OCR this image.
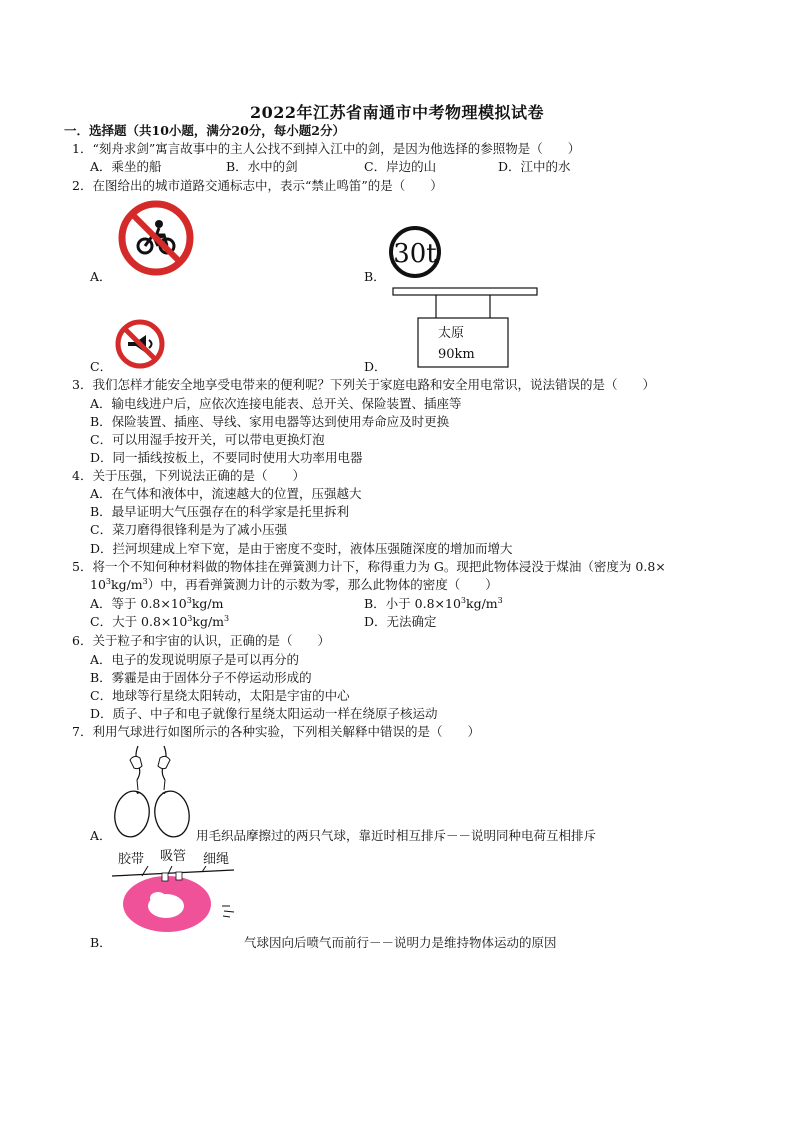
2022年江苏省南通市中考物理模拟试卷
一．选择题（共10小题，满分20分，每小题2分）
1．“刻舟求剑”寓言故事中的主人公找不到掉入江中的剑，是因为他选择的参照物是（　　）
A．乘坐的船	B．水中的剑	C．岸边的山	D．江中的水
2．在图给出的城市道路交通标志中，表示“禁止鸣笛”的是（　　）
A．
30t
B．
C．
太原
90km
D．
3．我们怎样才能安全地享受电带来的便利呢？下列关于家庭电路和安全用电常识，说法错误的是（　　）
A．输电线进户后，应依次连接电能表、总开关、保险装置、插座等
B．保险装置、插座、导线、家用电器等达到使用寿命应及时更换
C．可以用湿手按开关，可以带电更换灯泡
D．同一插线按板上，不要同时使用大功率用电器
4．关于压强，下列说法正确的是（　　）
A．在气体和液体中，流速越大的位置，压强越大
B．最早证明大气压强存在的科学家是托里拆利
C．菜刀磨得很锋利是为了减小压强
D．拦河坝建成上窄下宽，是由于密度不变时，液体压强随深度的增加而增大
5．将一个不知何种材料做的物体挂在弹簧测力计下，称得重力为 G。现把此物体浸没于煤油（密度为 0.8×
$10^3kg/m^3$）中，再看弹簧测力计的示数为零，那么此物体的密度（　　）
A．等于 $0.8\times 10^3kg/m$	B．小于 $0.8\times 10^3kg/m^3$
C．大于 $0.8\times 10^3kg/m^3$	D．无法确定
6．关于粒子和宇宙的认识，正确的是（　　）
A．电子的发现说明原子是可以再分的
B．雾霾是由于固体分子不停运动形成的
C．地球等行星绕太阳转动，太阳是宇宙的中心
D．质子、中子和电子就像行星绕太阳运动一样在绕原子核运动
7．利用气球进行如图所示的各种实验，下列相关解释中错误的是（　　）
A．	用毛织品摩擦过的两只气球，靠近时相互排斥－－说明同种电荷互相排斥
胶带 吸管 细绳
B．	气球因向后喷气而前行－－说明力是维持物体运动的原因
